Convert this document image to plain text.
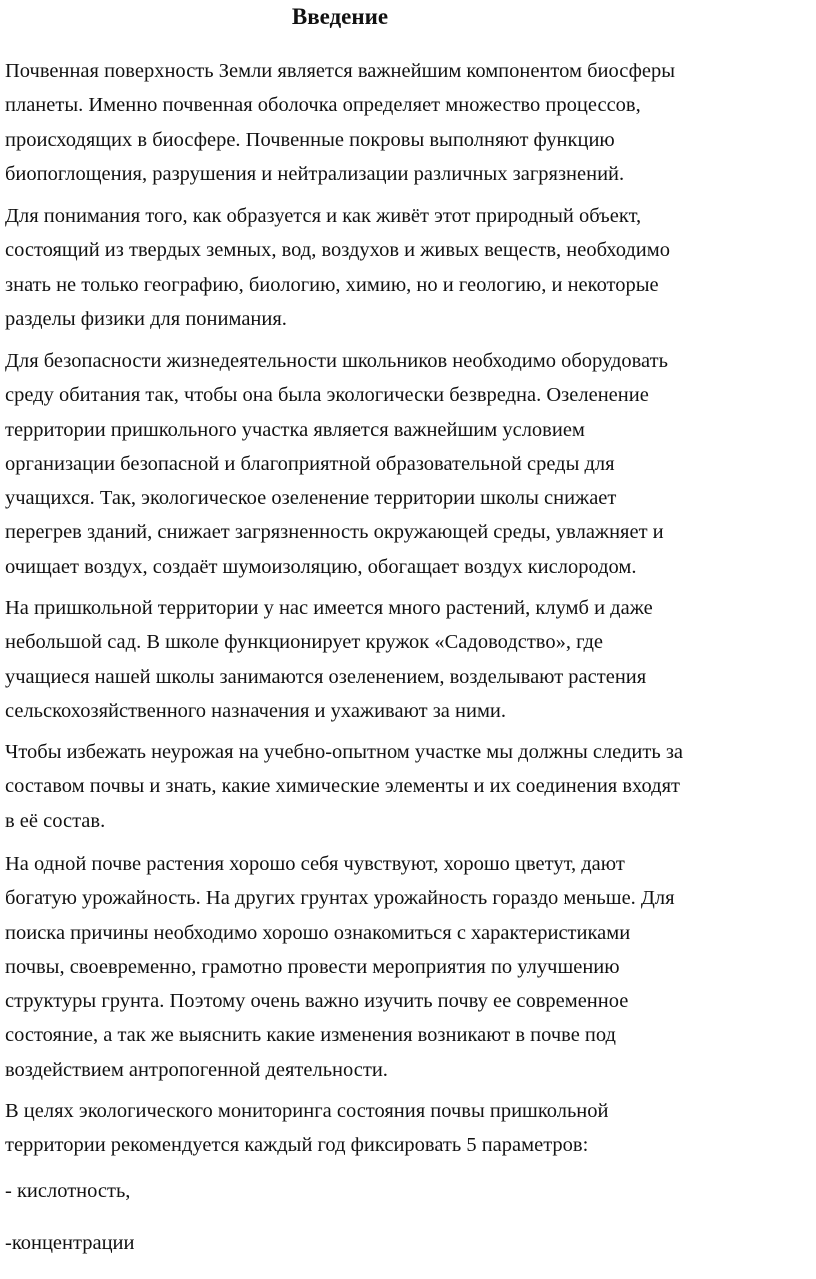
Введение

Почвенная поверхность Земли является важнейшим компонентом биосферы
планеты. Именно почвенная оболочка определяет множество процессов,
происходящих в биосфере. Почвенные покровы выполняют функцию
биопоглощения, разрушения и нейтрализации различных загрязнений.

Для понимания того, как образуется и как живёт этот природный объект,
состоящий из твердых земных, вод, воздухов и живых веществ, необходимо
знать не только географию, биологию, химию, но и геологию, и некоторые
разделы физики для понимания.

Для безопасности жизнедеятельности школьников необходимо оборудовать
среду обитания так, чтобы она была экологически безвредна. Озеленение
территории пришкольного участка является важнейшим условием
организации безопасной и благоприятной образовательной среды для
учащихся. Так, экологическое озеленение территории школы снижает
перегрев зданий, снижает загрязненность окружающей среды, увлажняет и
очищает воздух, создаёт шумоизоляцию, обогащает воздух кислородом.

На пришкольной территории у нас имеется много растений, клумб и даже
небольшой сад. В школе функционирует кружок «Садоводство», где
учащиеся нашей школы занимаются озеленением, возделывают растения
сельскохозяйственного назначения и ухаживают за ними.

Чтобы избежать неурожая на учебно-опытном участке мы должны следить за
составом почвы и знать, какие химические элементы и их соединения входят
в её состав.

На одной почве растения хорошо себя чувствуют, хорошо цветут, дают
богатую урожайность. На других грунтах урожайность гораздо меньше. Для
поиска причины необходимо хорошо ознакомиться с характеристиками
почвы, своевременно, грамотно провести мероприятия по улучшению
структуры грунта. Поэтому очень важно изучить почву ее современное
состояние, а так же выяснить какие изменения возникают в почве под
воздействием антропогенной деятельности.

В целях экологического мониторинга состояния почвы пришкольной
территории рекомендуется каждый год фиксировать 5 параметров:

- кислотность,

-концентрации
